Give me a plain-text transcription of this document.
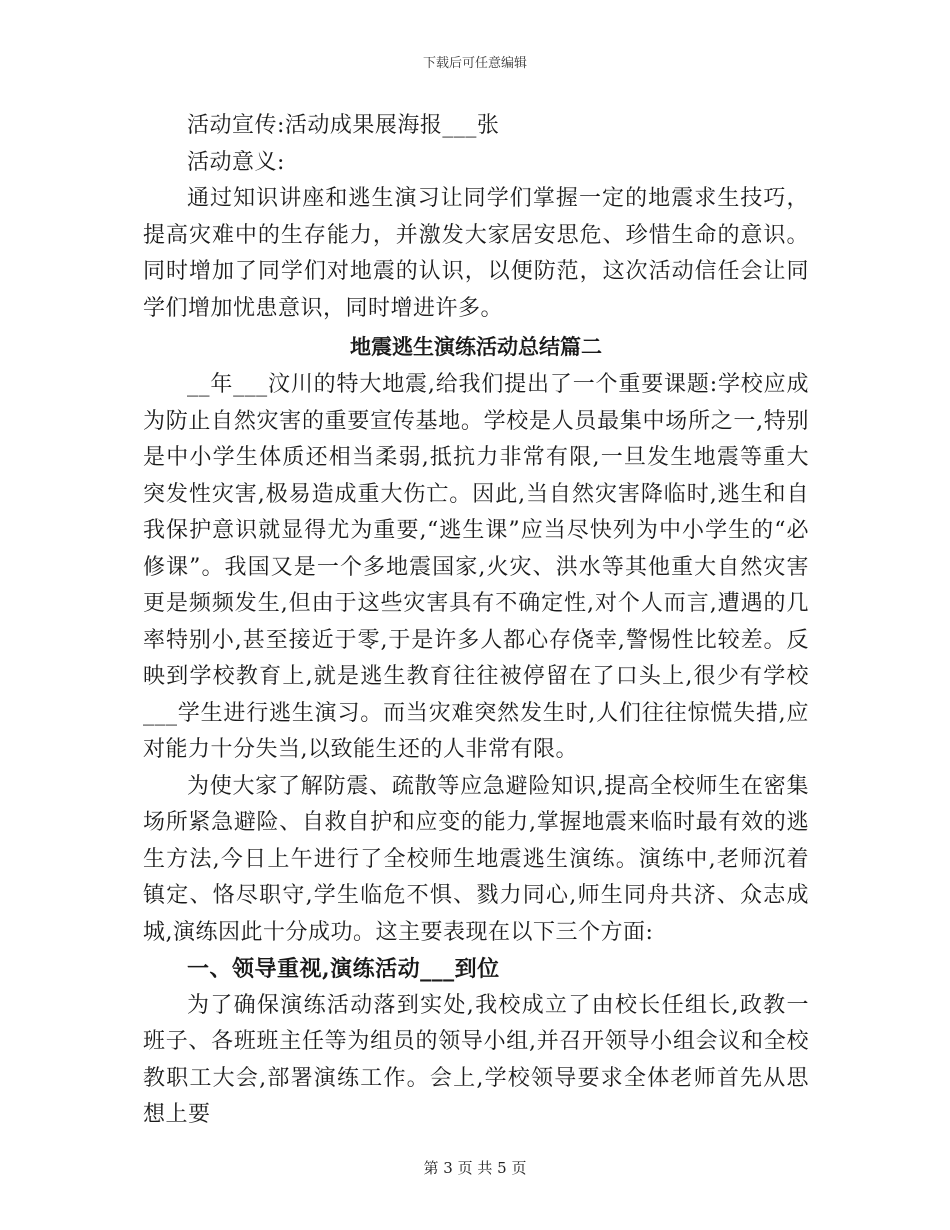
下载后可任意编辑

活动宣传:活动成果展海报___张

活动意义:

通过知识讲座和逃生演习让同学们掌握一定的地震求生技巧，提高灾难中的生存能力，并激发大家居安思危、珍惜生命的意识。同时增加了同学们对地震的认识，以便防范，这次活动信任会让同学们增加忧患意识，同时增进许多。

地震逃生演练活动总结篇二

__年___汶川的特大地震,给我们提出了一个重要课题:学校应成为防止自然灾害的重要宣传基地。学校是人员最集中场所之一,特别是中小学生体质还相当柔弱,抵抗力非常有限,一旦发生地震等重大突发性灾害,极易造成重大伤亡。因此,当自然灾害降临时,逃生和自我保护意识就显得尤为重要,“逃生课”应当尽快列为中小学生的“必修课”。我国又是一个多地震国家,火灾、洪水等其他重大自然灾害更是频频发生,但由于这些灾害具有不确定性,对个人而言,遭遇的几率特别小,甚至接近于零,于是许多人都心存侥幸,警惕性比较差。反映到学校教育上,就是逃生教育往往被停留在了口头上,很少有学校___学生进行逃生演习。而当灾难突然发生时,人们往往惊慌失措,应对能力十分失当,以致能生还的人非常有限。

为使大家了解防震、疏散等应急避险知识,提高全校师生在密集场所紧急避险、自救自护和应变的能力,掌握地震来临时最有效的逃生方法,今日上午进行了全校师生地震逃生演练。演练中,老师沉着镇定、恪尽职守,学生临危不惧、戮力同心,师生同舟共济、众志成城,演练因此十分成功。这主要表现在以下三个方面:

一、领导重视,演练活动___到位

为了确保演练活动落到实处,我校成立了由校长任组长,政教一班子、各班班主任等为组员的领导小组,并召开领导小组会议和全校教职工大会,部署演练工作。会上,学校领导要求全体老师首先从思想上要

第 3 页 共 5 页
